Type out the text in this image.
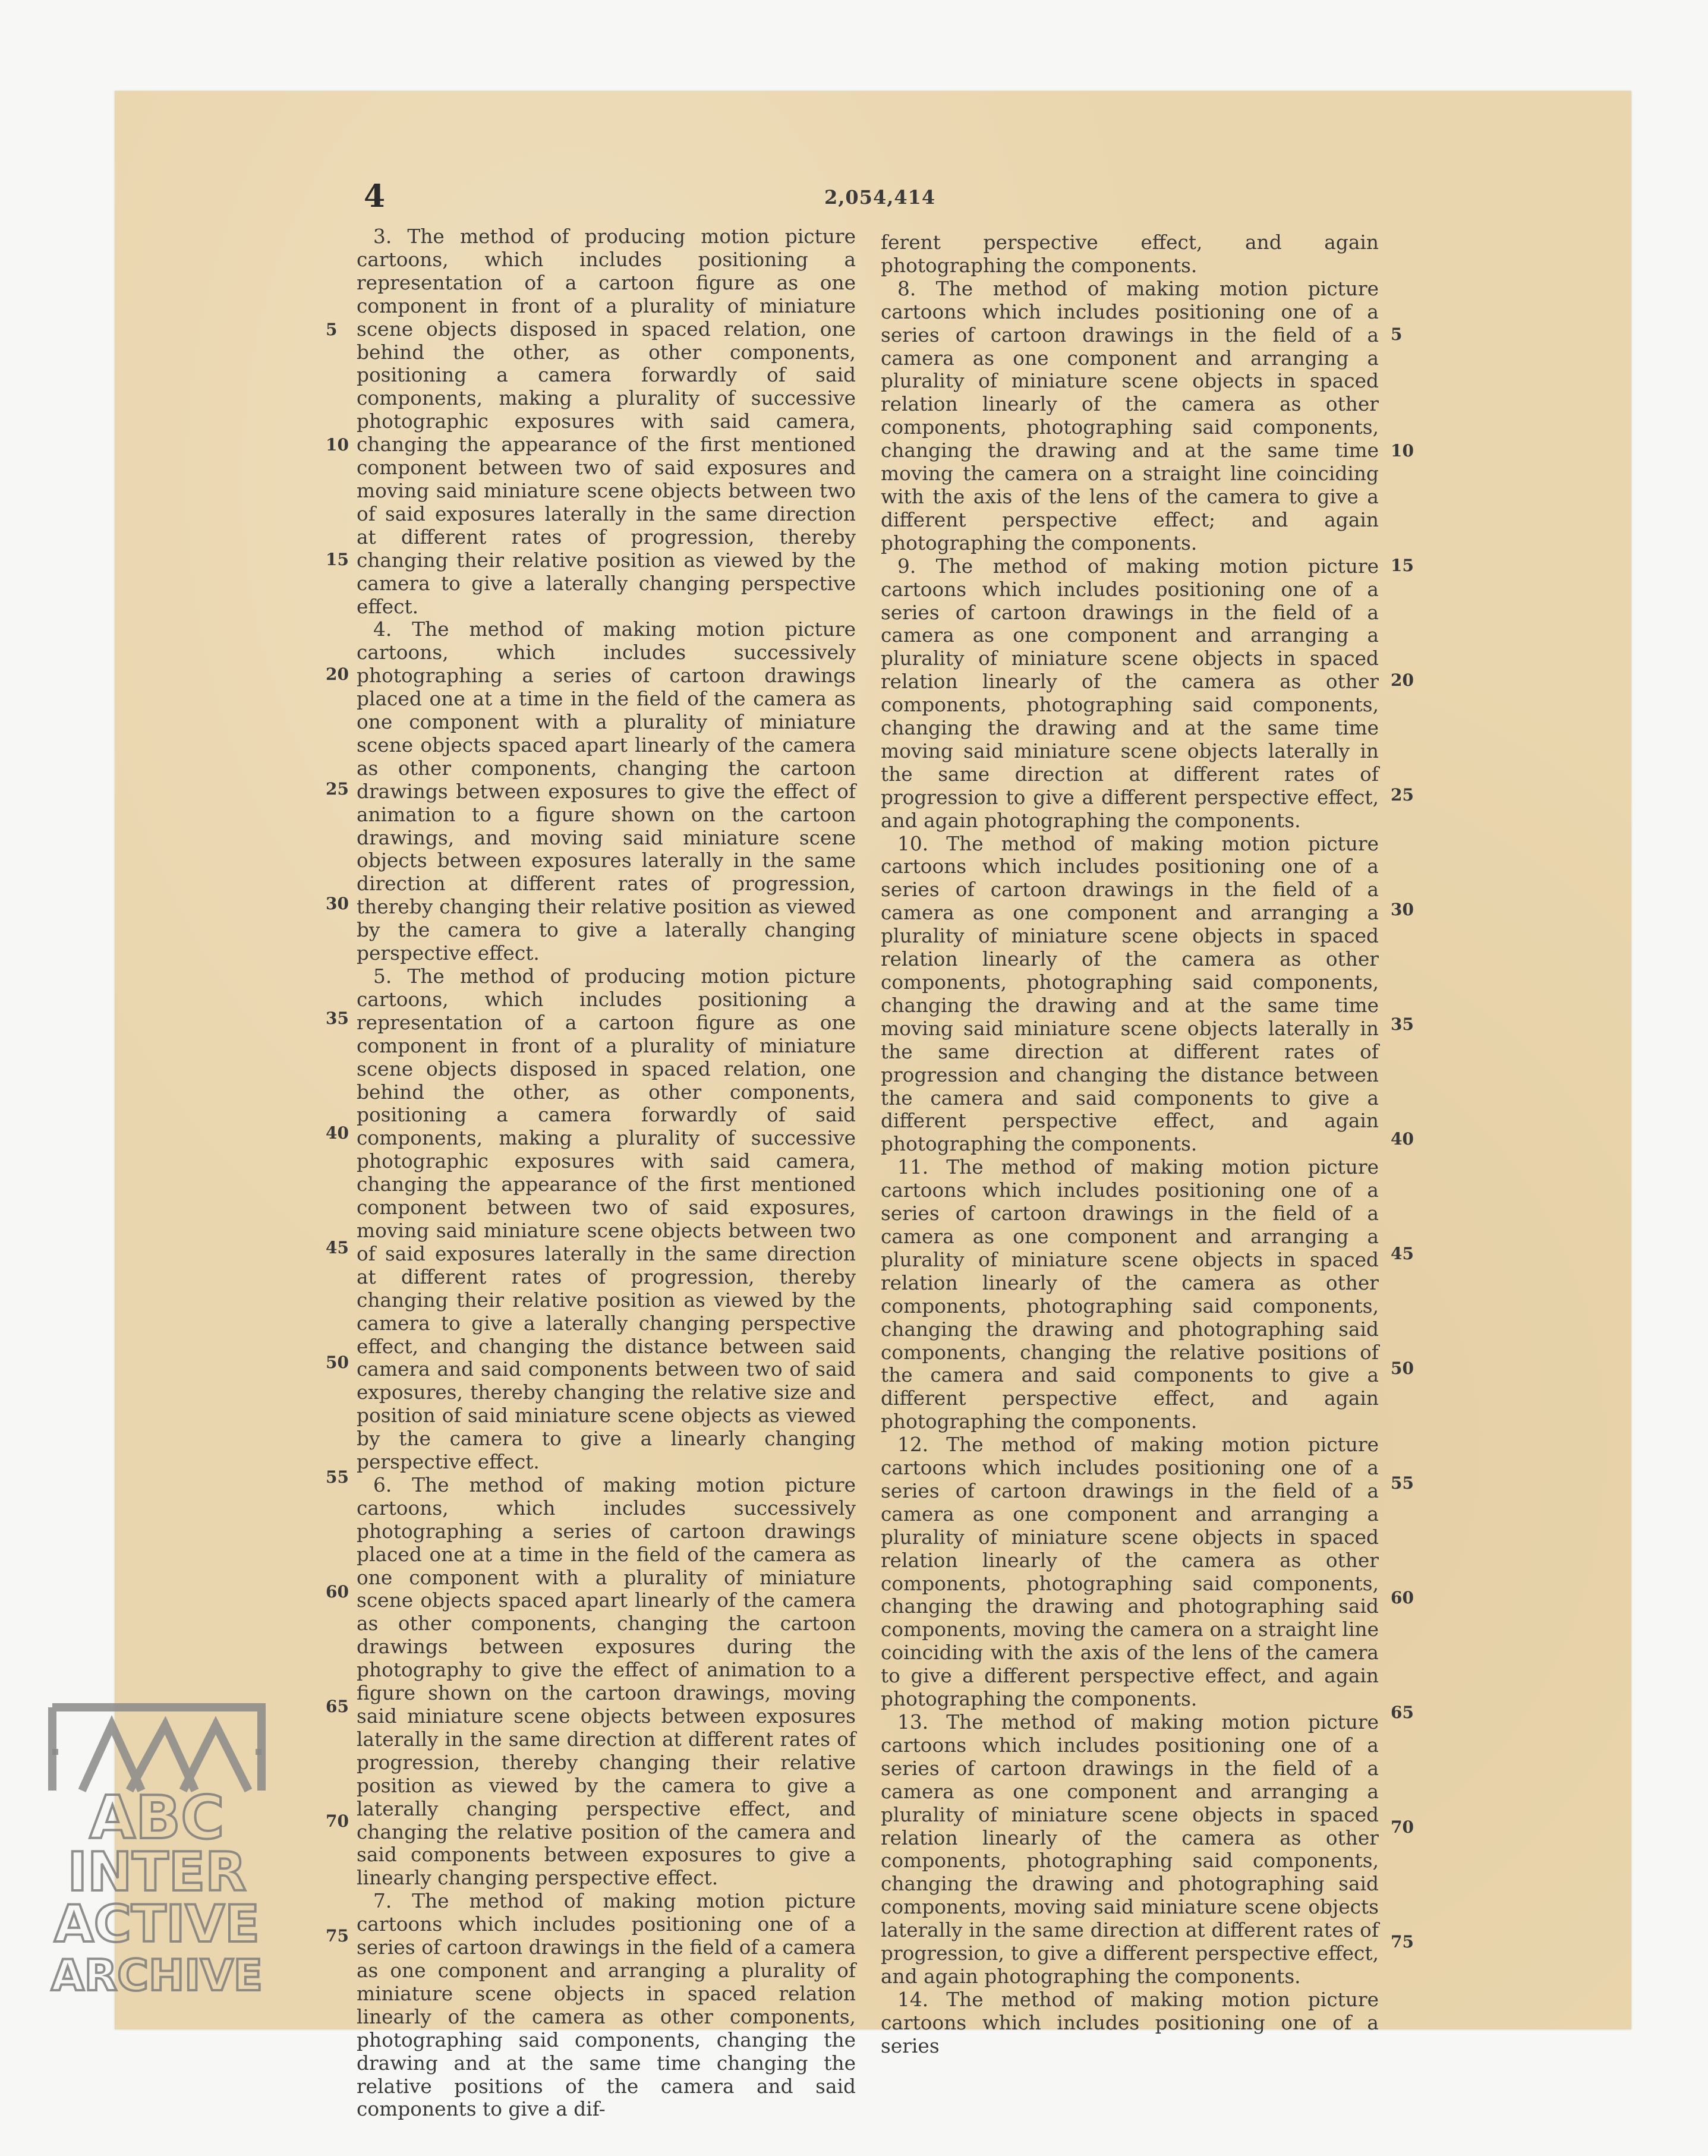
4	2,054,414

3. The method of producing motion picture cartoons, which includes positioning a representation of a cartoon figure as one component in front of a plurality of miniature scene objects disposed in spaced relation, one behind the other, as other components, positioning a camera forwardly of said components, making a plurality of successive photographic exposures with said camera, changing the appearance of the first mentioned component between two of said exposures and moving said miniature scene objects between two of said exposures laterally in the same direction at different rates of progression, thereby changing their relative position as viewed by the camera to give a laterally changing perspective effect.

4. The method of making motion picture cartoons, which includes successively photographing a series of cartoon drawings placed one at a time in the field of the camera as one component with a plurality of miniature scene objects spaced apart linearly of the camera as other components, changing the cartoon drawings between exposures to give the effect of animation to a figure shown on the cartoon drawings, and moving said miniature scene objects between exposures laterally in the same direction at different rates of progression, thereby changing their relative position as viewed by the camera to give a laterally changing perspective effect.

5. The method of producing motion picture cartoons, which includes positioning a representation of a cartoon figure as one component in front of a plurality of miniature scene objects disposed in spaced relation, one behind the other, as other components, positioning a camera forwardly of said components, making a plurality of successive photographic exposures with said camera, changing the appearance of the first mentioned component between two of said exposures, moving said miniature scene objects between two of said exposures laterally in the same direction at different rates of progression, thereby changing their relative position as viewed by the camera to give a laterally changing perspective effect, and changing the distance between said camera and said components between two of said exposures, thereby changing the relative size and position of said miniature scene objects as viewed by the camera to give a linearly changing perspective effect.

6. The method of making motion picture cartoons, which includes successively photographing a series of cartoon drawings placed one at a time in the field of the camera as one component with a plurality of miniature scene objects spaced apart linearly of the camera as other components, changing the cartoon drawings between exposures during the photography to give the effect of animation to a figure shown on the cartoon drawings, moving said miniature scene objects between exposures laterally in the same direction at different rates of progression, thereby changing their relative position as viewed by the camera to give a laterally changing perspective effect, and changing the relative position of the camera and said components between exposures to give a linearly changing perspective effect.

7. The method of making motion picture cartoons which includes positioning one of a series of cartoon drawings in the field of a camera as one component and arranging a plurality of miniature scene objects in spaced relation linearly of the camera as other components, photographing said components, changing the drawing and at the same time changing the relative positions of the camera and said components to give a dif-

ferent perspective effect, and again photographing the components.

8. The method of making motion picture cartoons which includes positioning one of a series of cartoon drawings in the field of a camera as one component and arranging a plurality of miniature scene objects in spaced relation linearly of the camera as other components, photographing said components, changing the drawing and at the same time moving the camera on a straight line coinciding with the axis of the lens of the camera to give a different perspective effect; and again photographing the components.

9. The method of making motion picture cartoons which includes positioning one of a series of cartoon drawings in the field of a camera as one component and arranging a plurality of miniature scene objects in spaced relation linearly of the camera as other components, photographing said components, changing the drawing and at the same time moving said miniature scene objects laterally in the same direction at different rates of progression to give a different perspective effect, and again photographing the components.

10. The method of making motion picture cartoons which includes positioning one of a series of cartoon drawings in the field of a camera as one component and arranging a plurality of miniature scene objects in spaced relation linearly of the camera as other components, photographing said components, changing the drawing and at the same time moving said miniature scene objects laterally in the same direction at different rates of progression and changing the distance between the camera and said components to give a different perspective effect, and again photographing the components.

11. The method of making motion picture cartoons which includes positioning one of a series of cartoon drawings in the field of a camera as one component and arranging a plurality of miniature scene objects in spaced relation linearly of the camera as other components, photographing said components, changing the drawing and photographing said components, changing the relative positions of the camera and said components to give a different perspective effect, and again photographing the components.

12. The method of making motion picture cartoons which includes positioning one of a series of cartoon drawings in the field of a camera as one component and arranging a plurality of miniature scene objects in spaced relation linearly of the camera as other components, photographing said components, changing the drawing and photographing said components, moving the camera on a straight line coinciding with the axis of the lens of the camera to give a different perspective effect, and again photographing the components.

13. The method of making motion picture cartoons which includes positioning one of a series of cartoon drawings in the field of a camera as one component and arranging a plurality of miniature scene objects in spaced relation linearly of the camera as other components, photographing said components, changing the drawing and photographing said components, moving said miniature scene objects laterally in the same direction at different rates of progression, to give a different perspective effect, and again photographing the components.

14. The method of making motion picture cartoons which includes positioning one of a series

5
10
15
20
25
30
35
40
45
50
55
60
65
70
75
5
10
15
20
25
30
35
40
45
50
55
60
65
70
75
ABC
INTER
ACTIVE
ARCHIVE
